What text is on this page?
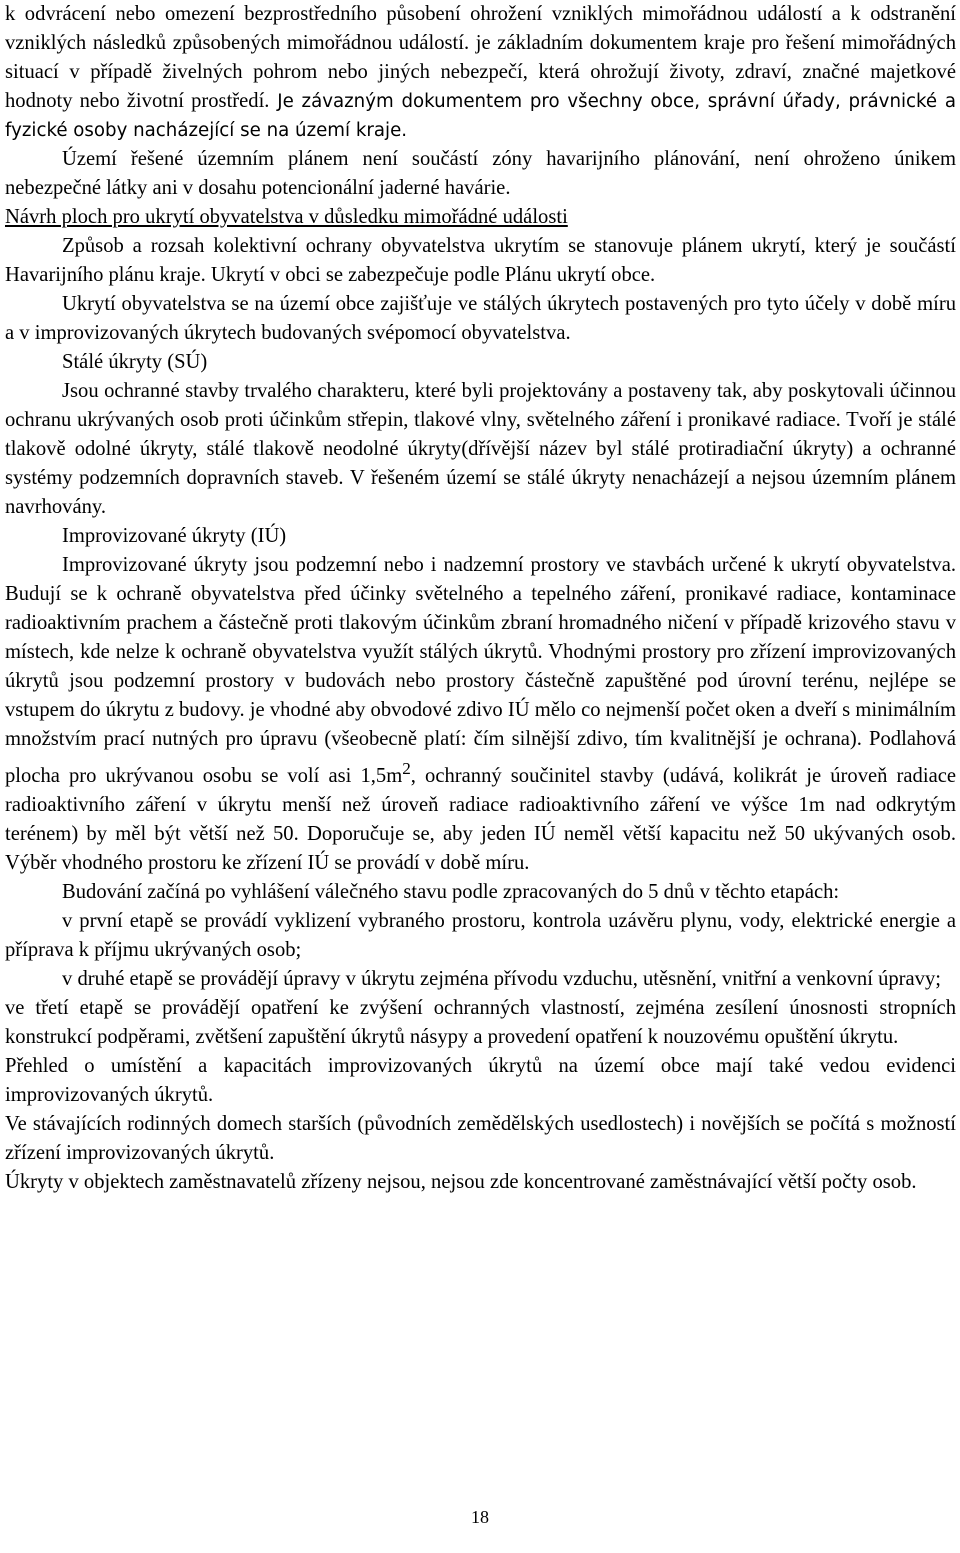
k odvrácení nebo omezení bezprostředního působení ohrožení vzniklých mimořádnou událostí a k odstranění vzniklých následků způsobených mimořádnou událostí. je základním dokumentem kraje pro řešení mimořádných situací v případě živelných pohrom nebo jiných nebezpečí, která ohrožují životy, zdraví, značné majetkové hodnoty nebo životní prostředí. Je závazným dokumentem pro všechny obce, správní úřady, právnické a fyzické osoby nacházející se na území kraje.

Území řešené územním plánem není součástí zóny havarijního plánování, není ohroženo únikem nebezpečné látky ani v dosahu potencionální jaderné havárie.

Návrh ploch pro ukrytí obyvatelstva v důsledku mimořádné události

Způsob a rozsah kolektivní ochrany obyvatelstva ukrytím se stanovuje plánem ukrytí, který je součástí Havarijního plánu kraje. Ukrytí v obci se zabezpečuje podle Plánu ukrytí obce.

Ukrytí obyvatelstva se na území obce zajišťuje ve stálých úkrytech postavených pro tyto účely v době míru a v improvizovaných úkrytech budovaných svépomocí obyvatelstva.

Stálé úkryty (SÚ)

Jsou ochranné stavby trvalého charakteru, které byli projektovány a postaveny tak, aby poskytovali účinnou ochranu ukrývaných osob proti účinkům střepin, tlakové vlny, světelného záření i pronikavé radiace. Tvoří je stálé tlakově odolné úkryty, stálé tlakově neodolné úkryty(dřívější název byl stálé protiradiační úkryty) a ochranné systémy podzemních dopravních staveb. V řešeném území se stálé úkryty nenacházejí a nejsou územním plánem navrhovány.

Improvizované úkryty (IÚ)

Improvizované úkryty jsou podzemní nebo i nadzemní prostory ve stavbách určené k ukrytí obyvatelstva. Budují se k ochraně obyvatelstva před účinky světelného a tepelného záření, pronikavé radiace, kontaminace radioaktivním prachem a částečně proti tlakovým účinkům zbraní hromadného ničení v případě krizového stavu v místech, kde nelze k ochraně obyvatelstva využít stálých úkrytů. Vhodnými prostory pro zřízení improvizovaných úkrytů jsou podzemní prostory v budovách nebo prostory částečně zapuštěné pod úrovní terénu, nejlépe se vstupem do úkrytu z budovy. je vhodné aby obvodové zdivo IÚ mělo co nejmenší počet oken a dveří s minimálním množstvím prací nutných pro úpravu (všeobecně platí: čím silnější zdivo, tím kvalitnější je ochrana). Podlahová plocha pro ukrývanou osobu se volí asi $1,5m^2$, ochranný součinitel stavby (udává, kolikrát je úroveň radiace radioaktivního záření v úkrytu menší než úroveň radiace radioaktivního záření ve výšce 1m nad odkrytým terénem) by měl být větší než 50. Doporučuje se, aby jeden IÚ neměl větší kapacitu než 50 ukývaných osob. Výběr vhodného prostoru ke zřízení IÚ se provádí v době míru.

Budování začíná po vyhlášení válečného stavu podle zpracovaných do 5 dnů v těchto etapách:

v první etapě se provádí vyklizení vybraného prostoru, kontrola uzávěru plynu, vody, elektrické energie a příprava k příjmu ukrývaných osob;

v druhé etapě se provádějí úpravy v úkrytu zejména přívodu vzduchu, utěsnění, vnitřní a venkovní úpravy;

ve třetí etapě se provádějí opatření ke zvýšení ochranných vlastností, zejména zesílení únosnosti stropních konstrukcí podpěrami, zvětšení zapuštění úkrytů násypy a provedení opatření k nouzovému opuštění úkrytu.

Přehled o umístění a kapacitách improvizovaných úkrytů na území obce mají také vedou evidenci improvizovaných úkrytů.

Ve stávajících rodinných domech starších (původních zemědělských usedlostech) i novějších se počítá s možností zřízení improvizovaných úkrytů.

Úkryty v objektech zaměstnavatelů zřízeny nejsou, nejsou zde koncentrované zaměstnávající větší počty osob.

18
